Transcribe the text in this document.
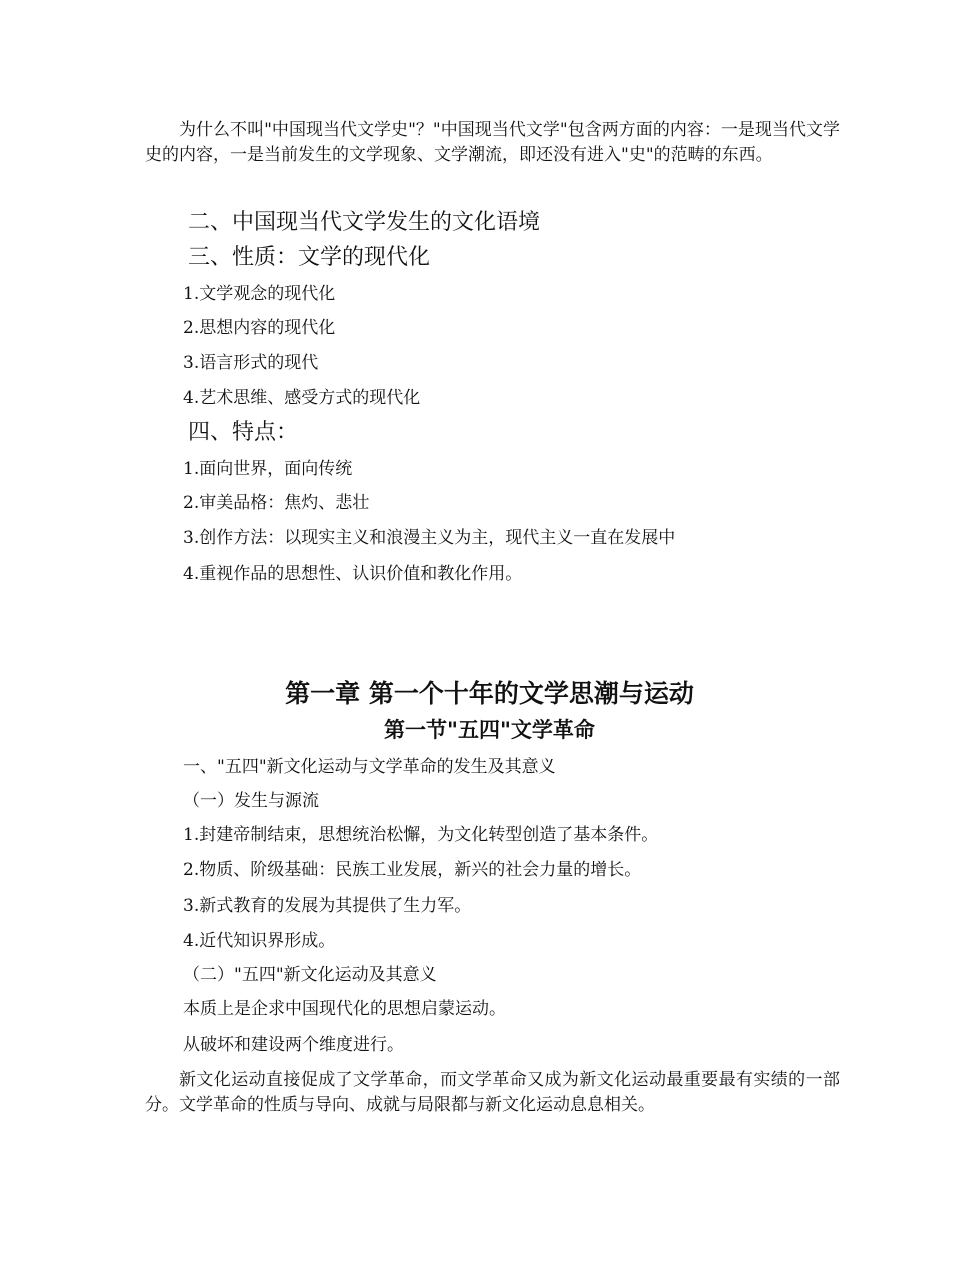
为什么不叫"中国现当代文学史"？"中国现当代文学"包含两方面的内容：一是现当代文学史的内容，一是当前发生的文学现象、文学潮流，即还没有进入"史"的范畴的东西。

二、中国现当代文学发生的文化语境

三、性质：文学的现代化

1.文学观念的现代化

2.思想内容的现代化

3.语言形式的现代

4.艺术思维、感受方式的现代化

四、特点：

1.面向世界，面向传统

2.审美品格：焦灼、悲壮

3.创作方法：以现实主义和浪漫主义为主，现代主义一直在发展中

4.重视作品的思想性、认识价值和教化作用。

第一章 第一个十年的文学思潮与运动

第一节"五四"文学革命

一、"五四"新文化运动与文学革命的发生及其意义

（一）发生与源流

1.封建帝制结束，思想统治松懈，为文化转型创造了基本条件。

2.物质、阶级基础：民族工业发展，新兴的社会力量的增长。

3.新式教育的发展为其提供了生力军。

4.近代知识界形成。

（二）"五四"新文化运动及其意义

本质上是企求中国现代化的思想启蒙运动。

从破坏和建设两个维度进行。

新文化运动直接促成了文学革命，而文学革命又成为新文化运动最重要最有实绩的一部分。文学革命的性质与导向、成就与局限都与新文化运动息息相关。
